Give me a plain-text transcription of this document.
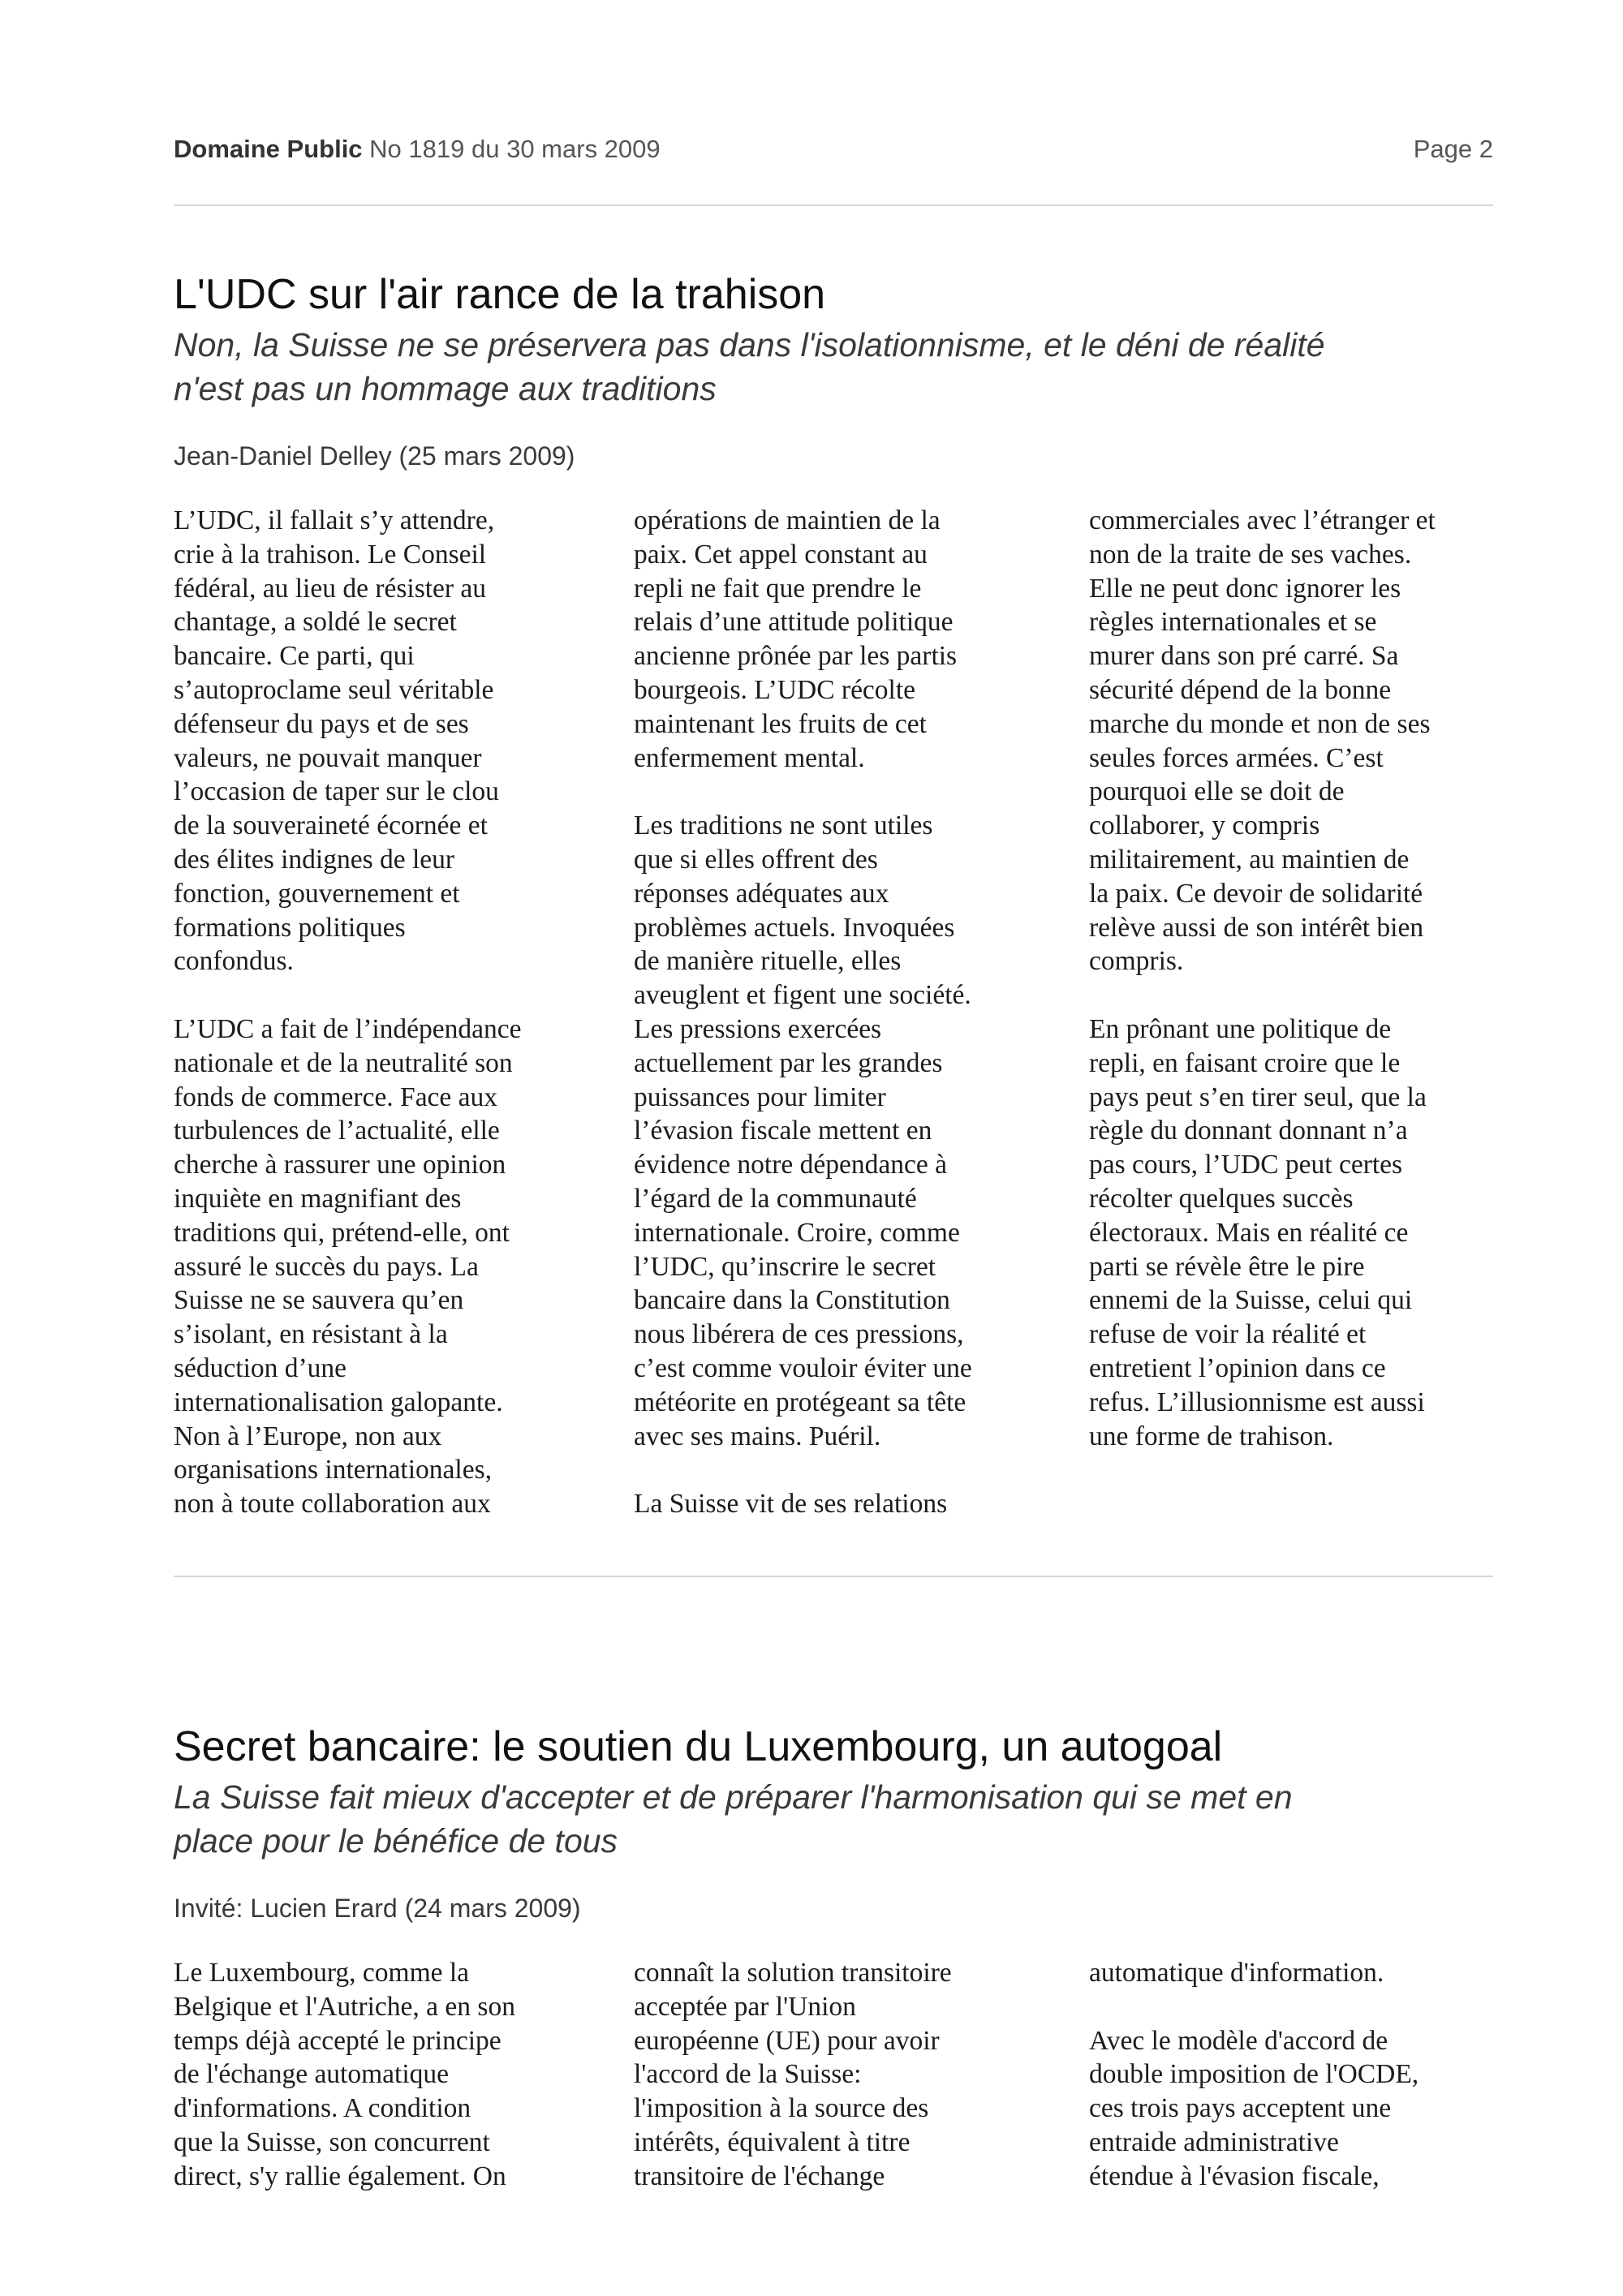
Domaine Public No 1819 du 30 mars 2009	Page 2
L'UDC sur l'air rance de la trahison
Non, la Suisse ne se préservera pas dans l'isolationnisme, et le déni de réalité
n'est pas un hommage aux traditions
Jean-Daniel Delley (25 mars 2009)

L’UDC, il fallait s’y attendre,
crie à la trahison. Le Conseil
fédéral, au lieu de résister au
chantage, a soldé le secret
bancaire. Ce parti, qui
s’autoproclame seul véritable
défenseur du pays et de ses
valeurs, ne pouvait manquer
l’occasion de taper sur le clou
de la souveraineté écornée et
des élites indignes de leur
fonction, gouvernement et
formations politiques
confondus.

L’UDC a fait de l’indépendance
nationale et de la neutralité son
fonds de commerce. Face aux
turbulences de l’actualité, elle
cherche à rassurer une opinion
inquiète en magnifiant des
traditions qui, prétend-elle, ont
assuré le succès du pays. La
Suisse ne se sauvera qu’en
s’isolant, en résistant à la
séduction d’une
internationalisation galopante.
Non à l’Europe, non aux
organisations internationales,
non à toute collaboration aux

opérations de maintien de la
paix. Cet appel constant au
repli ne fait que prendre le
relais d’une attitude politique
ancienne prônée par les partis
bourgeois. L’UDC récolte
maintenant les fruits de cet
enfermement mental.

Les traditions ne sont utiles
que si elles offrent des
réponses adéquates aux
problèmes actuels. Invoquées
de manière rituelle, elles
aveuglent et figent une société.
Les pressions exercées
actuellement par les grandes
puissances pour limiter
l’évasion fiscale mettent en
évidence notre dépendance à
l’égard de la communauté
internationale. Croire, comme
l’UDC, qu’inscrire le secret
bancaire dans la Constitution
nous libérera de ces pressions,
c’est comme vouloir éviter une
météorite en protégeant sa tête
avec ses mains. Puéril.

La Suisse vit de ses relations

commerciales avec l’étranger et
non de la traite de ses vaches.
Elle ne peut donc ignorer les
règles internationales et se
murer dans son pré carré. Sa
sécurité dépend de la bonne
marche du monde et non de ses
seules forces armées. C’est
pourquoi elle se doit de
collaborer, y compris
militairement, au maintien de
la paix. Ce devoir de solidarité
relève aussi de son intérêt bien
compris.

En prônant une politique de
repli, en faisant croire que le
pays peut s’en tirer seul, que la
règle du donnant donnant n’a
pas cours, l’UDC peut certes
récolter quelques succès
électoraux. Mais en réalité ce
parti se révèle être le pire
ennemi de la Suisse, celui qui
refuse de voir la réalité et
entretient l’opinion dans ce
refus. L’illusionnisme est aussi
une forme de trahison.

Secret bancaire: le soutien du Luxembourg, un autogoal
La Suisse fait mieux d'accepter et de préparer l'harmonisation qui se met en
place pour le bénéfice de tous
Invité: Lucien Erard (24 mars 2009)

Le Luxembourg, comme la
Belgique et l'Autriche, a en son
temps déjà accepté le principe
de l'échange automatique
d'informations. A condition
que la Suisse, son concurrent
direct, s'y rallie également. On

connaît la solution transitoire
acceptée par l'Union
européenne (UE) pour avoir
l'accord de la Suisse:
l'imposition à la source des
intérêts, équivalent à titre
transitoire de l'échange

automatique d'information.

Avec le modèle d'accord de
double imposition de l'OCDE,
ces trois pays acceptent une
entraide administrative
étendue à l'évasion fiscale,
